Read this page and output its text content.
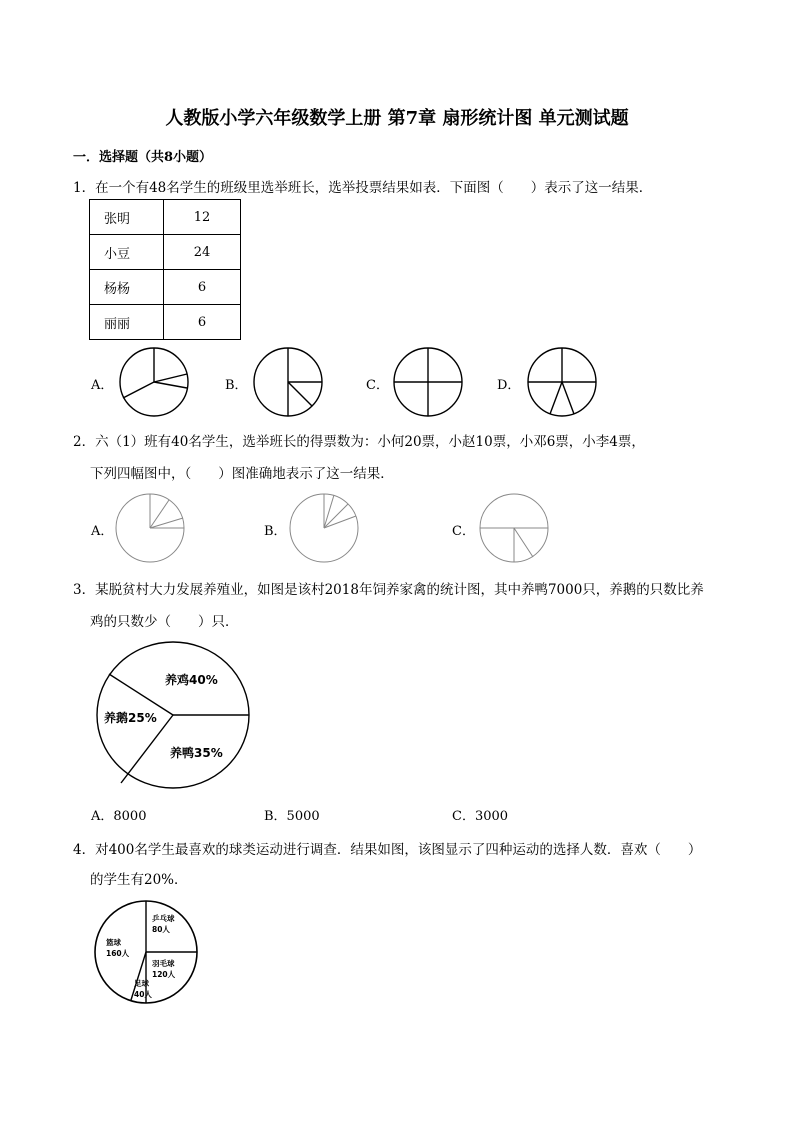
人教版小学六年级数学上册 第7章 扇形统计图 单元测试题
一．选择题（共8小题）
1．在一个有48名学生的班级里选举班长，选举投票结果如表．下面图（　　）表示了这一结果．
张明	12
小豆	24
杨杨	6
丽丽	6
A．	B．	C．	D．
2．六（1）班有40名学生，选举班长的得票数为：小何20票，小赵10票，小邓6票，小李4票，
下列四幅图中，（　　）图准确地表示了这一结果．
A．	B．	C．
3．某脱贫村大力发展养殖业，如图是该村2018年饲养家禽的统计图，其中养鸭7000只，养鹅的只数比养
鸡的只数少（　　）只．
养鸡40%
养鹅25%
养鸭35%
A．8000	B．5000	C．3000
4．对400名学生最喜欢的球类运动进行调查．结果如图，该图显示了四种运动的选择人数．喜欢（　　）
的学生有20%．
乒乓球
80人
羽毛球
120人
足球
40人
篮球
160人
